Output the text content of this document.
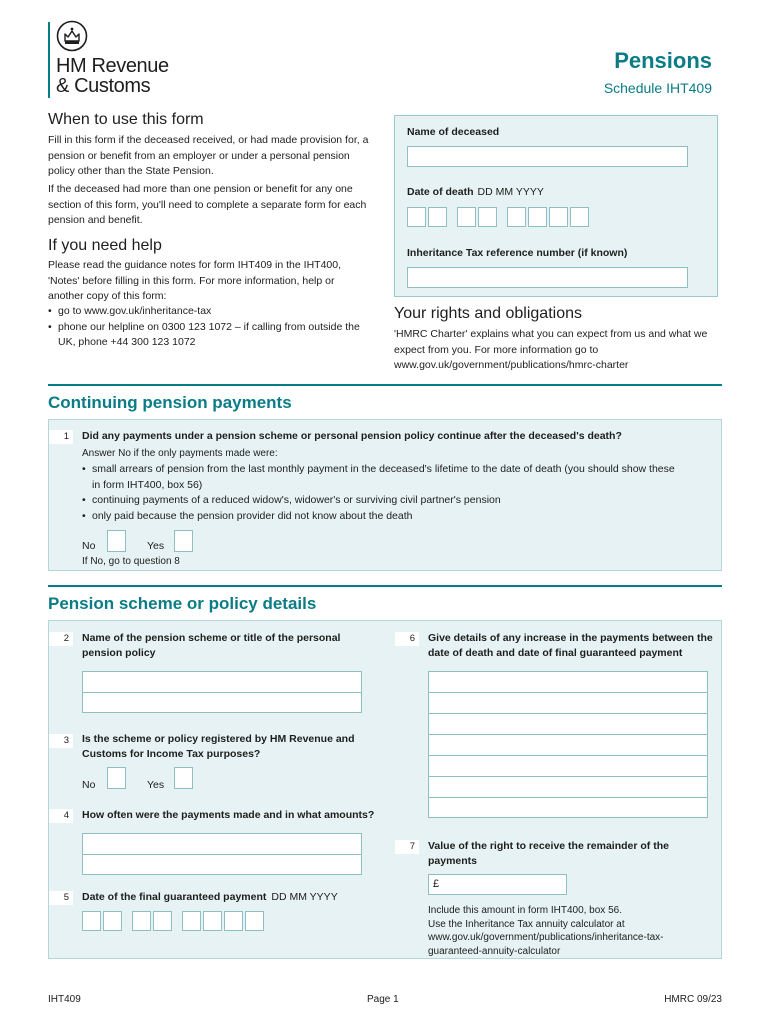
HM Revenue
& Customs
Pensions
Schedule IHT409
When to use this form

Fill in this form if the deceased received, or had made provision for, a pension or benefit from an employer or under a personal pension policy other than the State Pension.

If the deceased had more than one pension or benefit for any one section of this form, you'll need to complete a separate form for each pension and benefit.

If you need help

Please read the guidance notes for form IHT409 in the IHT400, 'Notes' before filling in this form. For more information, help or another copy of this form:

• go to www.gov.uk/inheritance-tax
• phone our helpline on 0300 123 1072 – if calling from outside the UK, phone +44 300 123 1072
Name of deceased
Date of death DD MM YYYY
Inheritance Tax reference number (if known)
Your rights and obligations

'HMRC Charter' explains what you can expect from us and what we expect from you. For more information go to www.gov.uk/government/publications/hmrc-charter

Continuing pension payments
1	Did any payments under a pension scheme or personal pension policy continue after the deceased's death?
Answer No if the only payments made were:
• small arrears of pension from the last monthly payment in the deceased's lifetime to the date of death (you should show these in form IHT400, box 56)
• continuing payments of a reduced widow's, widower's or surviving civil partner's pension
• only paid because the pension provider did not know about the death
No	Yes
If No, go to question 8
Pension scheme or policy details
2	Name of the pension scheme or title of the personal pension policy
3	Is the scheme or policy registered by HM Revenue and Customs for Income Tax purposes?
No	Yes
4	How often were the payments made and in what amounts?
5	Date of the final guaranteed payment DD MM YYYY
6	Give details of any increase in the payments between the date of death and date of final guaranteed payment
7	Value of the right to receive the remainder of the payments
£
Include this amount in form IHT400, box 56.
Use the Inheritance Tax annuity calculator at www.gov.uk/government/publications/inheritance-tax-guaranteed-annuity-calculator
IHT409	Page 1	HMRC 09/23
